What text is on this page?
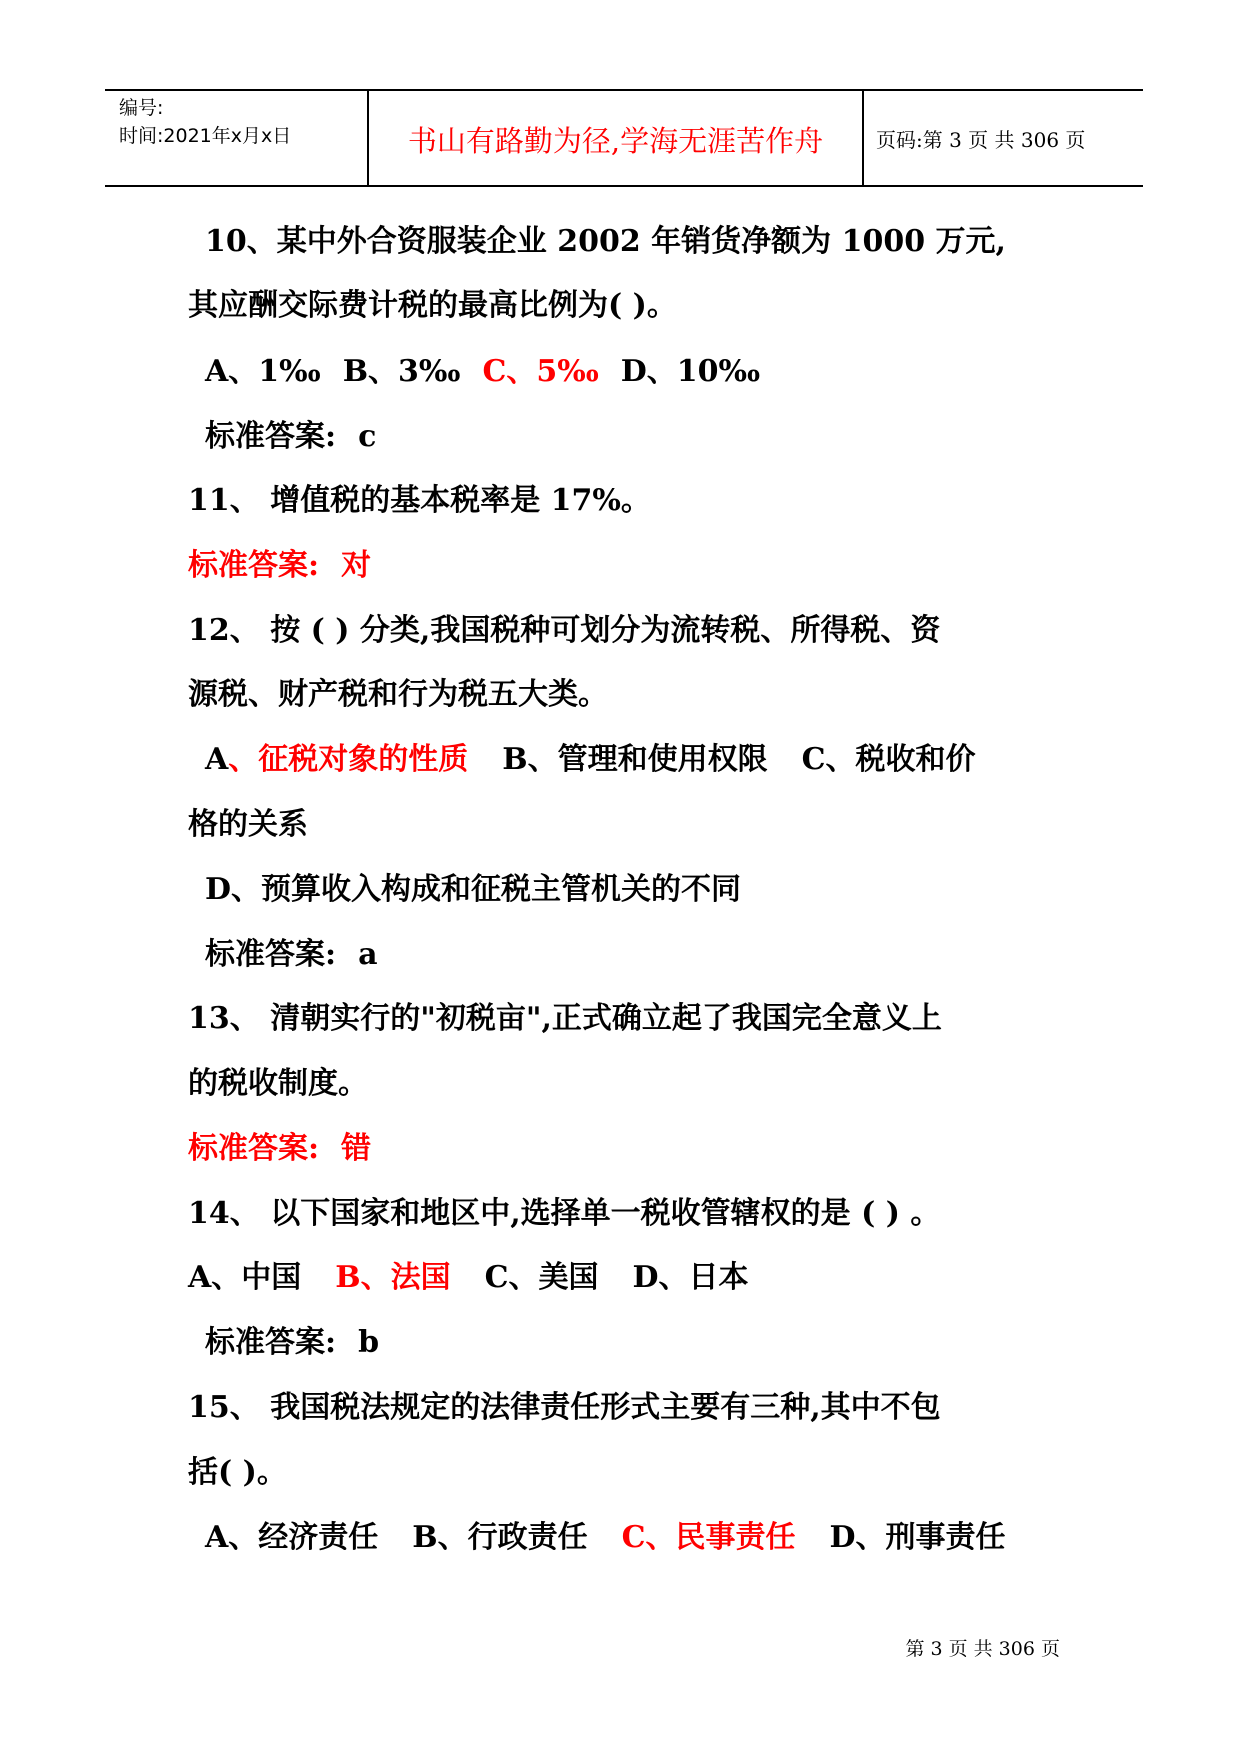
编号:
时间:2021年x月x日	书山有路勤为径,学海无涯苦作舟	页码:第 3 页 共 306 页
10、某中外合资服装企业 2002 年销货净额为 1000 万元,
其应酬交际费计税的最高比例为( )。
A、1‰ B、3‰ C、5‰ D、10‰
标准答案: c
11、 增值税的基本税率是 17%。
标准答案: 对
12、 按 ( ) 分类,我国税种可划分为流转税、所得税、资
源税、财产税和行为税五大类。
A、征税对象的性质 B、管理和使用权限 C、税收和价
格的关系
D、预算收入构成和征税主管机关的不同
标准答案: a
13、 清朝实行的"初税亩",正式确立起了我国完全意义上
的税收制度。
标准答案: 错
14、 以下国家和地区中,选择单一税收管辖权的是 ( ) 。
A、中国 B、法国 C、美国 D、日本
标准答案: b
15、 我国税法规定的法律责任形式主要有三种,其中不包
括( )。
A、经济责任 B、行政责任 C、民事责任 D、刑事责任
第 3 页 共 306 页
